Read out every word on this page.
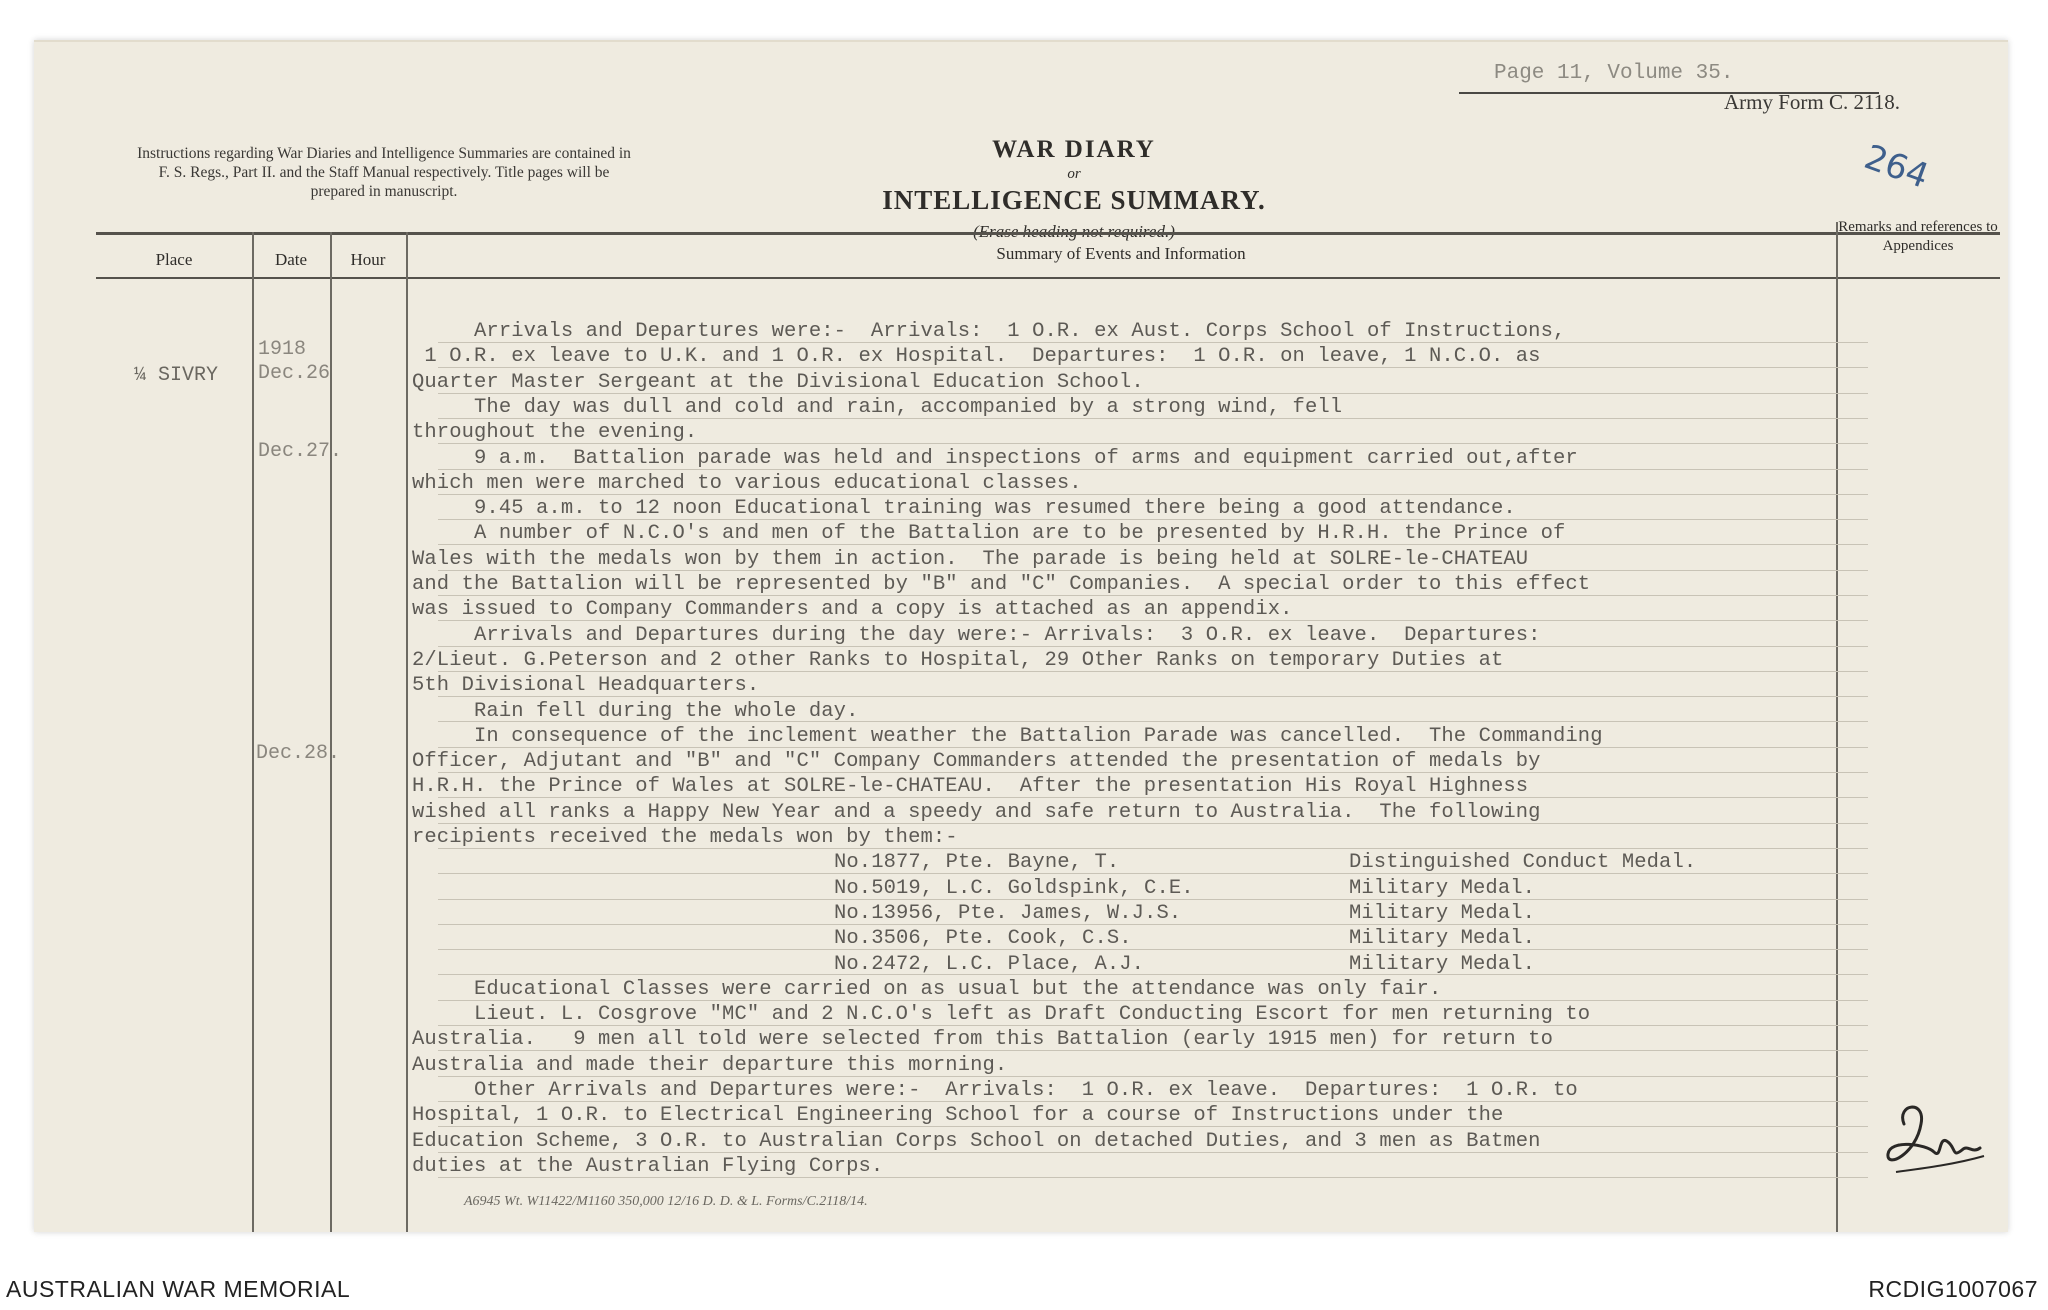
Page 11, Volume 35.
Army Form C. 2118.
264
Instructions regarding War Diaries and Intelligence Summaries are contained in F. S. Regs., Part II. and the Staff Manual respectively. Title pages will be prepared in manuscript.
WAR DIARY
or
INTELLIGENCE SUMMARY.
Place	Date	Hour	Summary of Events and Information
Remarks and references to Appendices
¼ SIVRY
1918
Dec.26
Dec.27.
Dec.28.
Arrivals and Departures were:-  Arrivals:  1 O.R. ex Aust. Corps School of Instructions,
1 O.R. ex leave to U.K. and 1 O.R. ex Hospital.  Departures:  1 O.R. on leave, 1 N.C.O. as
Quarter Master Sergeant at the Divisional Education School.
The day was dull and cold and rain, accompanied by a strong wind, fell
throughout the evening.
9 a.m.  Battalion parade was held and inspections of arms and equipment carried out,after
which men were marched to various educational classes.
9.45 a.m. to 12 noon Educational training was resumed there being a good attendance.
A number of N.C.O's and men of the Battalion are to be presented by H.R.H. the Prince of
Wales with the medals won by them in action.  The parade is being held at SOLRE-le-CHATEAU
and the Battalion will be represented by "B" and "C" Companies.  A special order to this effect
was issued to Company Commanders and a copy is attached as an appendix.
Arrivals and Departures during the day were:- Arrivals:  3 O.R. ex leave.  Departures:
2/Lieut. G.Peterson and 2 other Ranks to Hospital, 29 Other Ranks on temporary Duties at
5th Divisional Headquarters.
Rain fell during the whole day.
In consequence of the inclement weather the Battalion Parade was cancelled.  The Commanding
Officer, Adjutant and "B" and "C" Company Commanders attended the presentation of medals by
H.R.H. the Prince of Wales at SOLRE-le-CHATEAU.  After the presentation His Royal Highness
wished all ranks a Happy New Year and a speedy and safe return to Australia.  The following
recipients received the medals won by them:-
No.1877, Pte. Bayne, T.	Distinguished Conduct Medal.
No.5019, L.C. Goldspink, C.E.	Military Medal.
No.13956, Pte. James, W.J.S.	Military Medal.
No.3506, Pte. Cook, C.S.	Military Medal.
No.2472, L.C. Place, A.J.	Military Medal.
Educational Classes were carried on as usual but the attendance was only fair.
Lieut. L. Cosgrove "MC" and 2 N.C.O's left as Draft Conducting Escort for men returning to
Australia.   9 men all told were selected from this Battalion (early 1915 men) for return to
Australia and made their departure this morning.
Other Arrivals and Departures were:-  Arrivals:  1 O.R. ex leave.  Departures:  1 O.R. to
Hospital, 1 O.R. to Electrical Engineering School for a course of Instructions under the
Education Scheme, 3 O.R. to Australian Corps School on detached Duties, and 3 men as Batmen
duties at the Australian Flying Corps.
A6945 Wt. W11422/M1160 350,000 12/16 D. D. & L. Forms/C.2118/14.
AUSTRALIAN WAR MEMORIAL	RCDIG1007067
